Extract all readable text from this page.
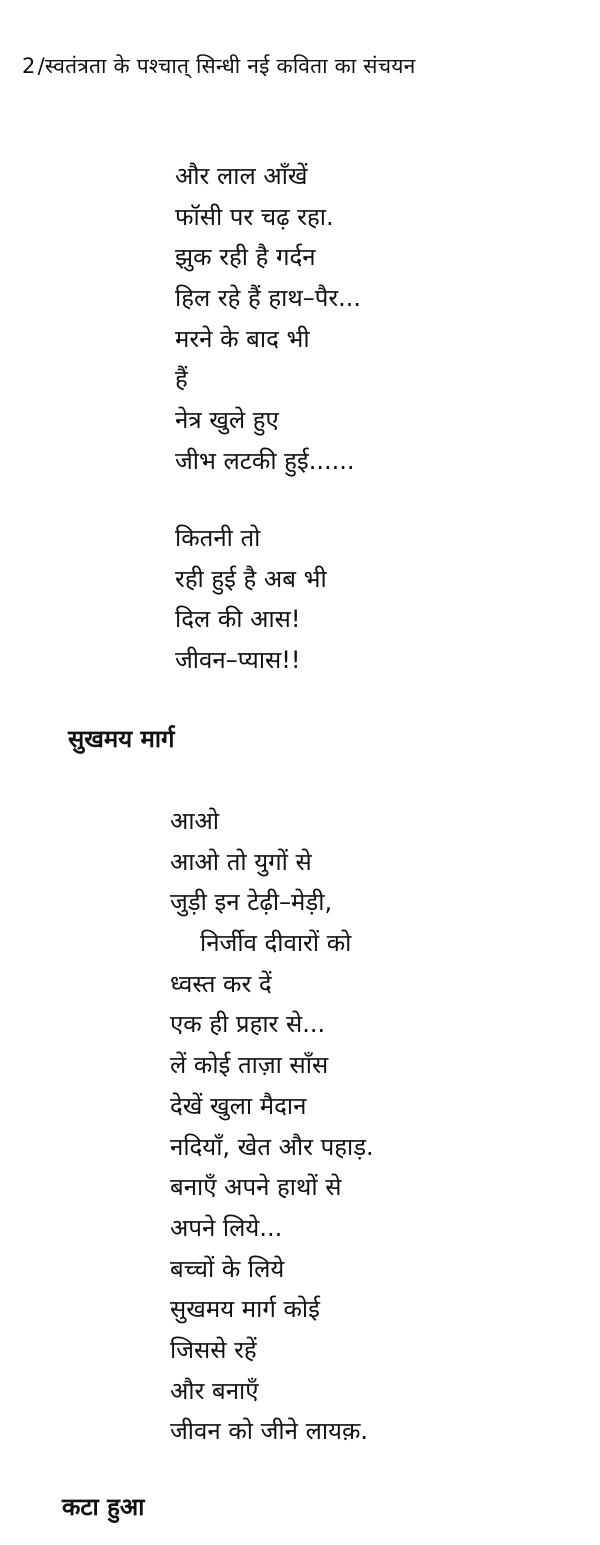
2/स्वतंत्रता के पश्चात् सिन्धी नई कविता का संचयन
और लाल आँखें
फॉसी पर चढ़ रहा.
झुक रही है गर्दन
हिल रहे हैं हाथ–पैर...
मरने के बाद भी
हैं
नेत्र खुले हुए
जीभ लटकी हुई......
कितनी तो
रही हुई है अब भी
दिल की आस!
जीवन–प्यास!!
सुखमय मार्ग
आओ
आओ तो युगों से
जुड़ी इन टेढ़ी–मेड़ी,
निर्जीव दीवारों को
ध्वस्त कर दें
एक ही प्रहार से...
लें कोई ताज़ा साँस
देखें खुला मैदान
नदियाँ, खेत और पहाड़.
बनाएँ अपने हाथों से
अपने लिये...
बच्चों के लिये
सुखमय मार्ग कोई
जिससे रहें
और बनाएँ
जीवन को जीने लायक़.
कटा हुआ
